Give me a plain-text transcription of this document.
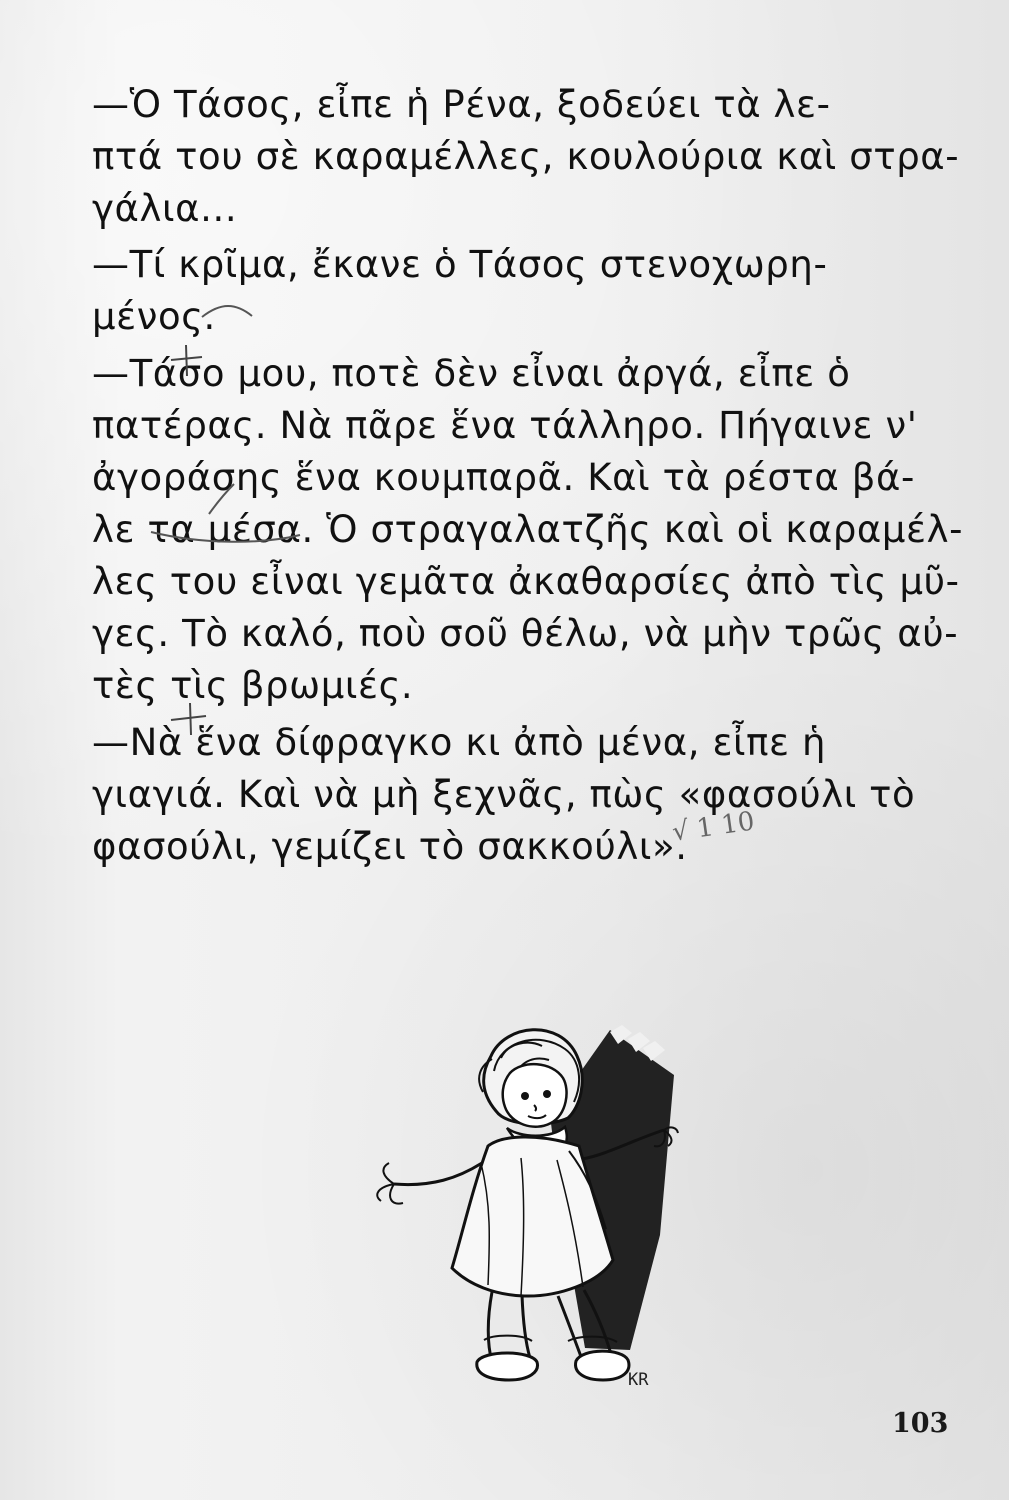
—Ὁ Τάσος, εἶπε ἡ Ρένα, ξοδεύει τὰ λε-
πτά του σὲ καραμέλλες, κουλούρια καὶ στρα-
γάλια...
—Τί κρῖμα, ἔκανε ὁ Τάσος στενοχωρη-
μένος.
—Τάσο μου, ποτὲ δὲν εἶναι ἀργά, εἶπε ὁ
πατέρας. Νὰ πᾶρε ἕνα τάλληρο. Πήγαινε ν'
ἀγοράσης ἕνα κουμπαρᾶ. Καὶ τὰ ρέστα βά-
λε τα μέσα. Ὁ στραγαλατζῆς καὶ οἱ καραμέλ-
λες του εἶναι γεμᾶτα ἀκαθαρσίες ἀπὸ τὶς μῦ-
γες. Τὸ καλό, ποὺ σοῦ θέλω, νὰ μὴν τρῶς αὐ-
τὲς τὶς βρωμιές.
—Νὰ ἕνα δίφραγκο κι ἀπὸ μένα, εἶπε ἡ
γιαγιά. Καὶ νὰ μὴ ξεχνᾶς, πὼς «φασούλι τὸ
φασούλι, γεμίζει τὸ σακκούλι».
√ 1 10
KR
103
